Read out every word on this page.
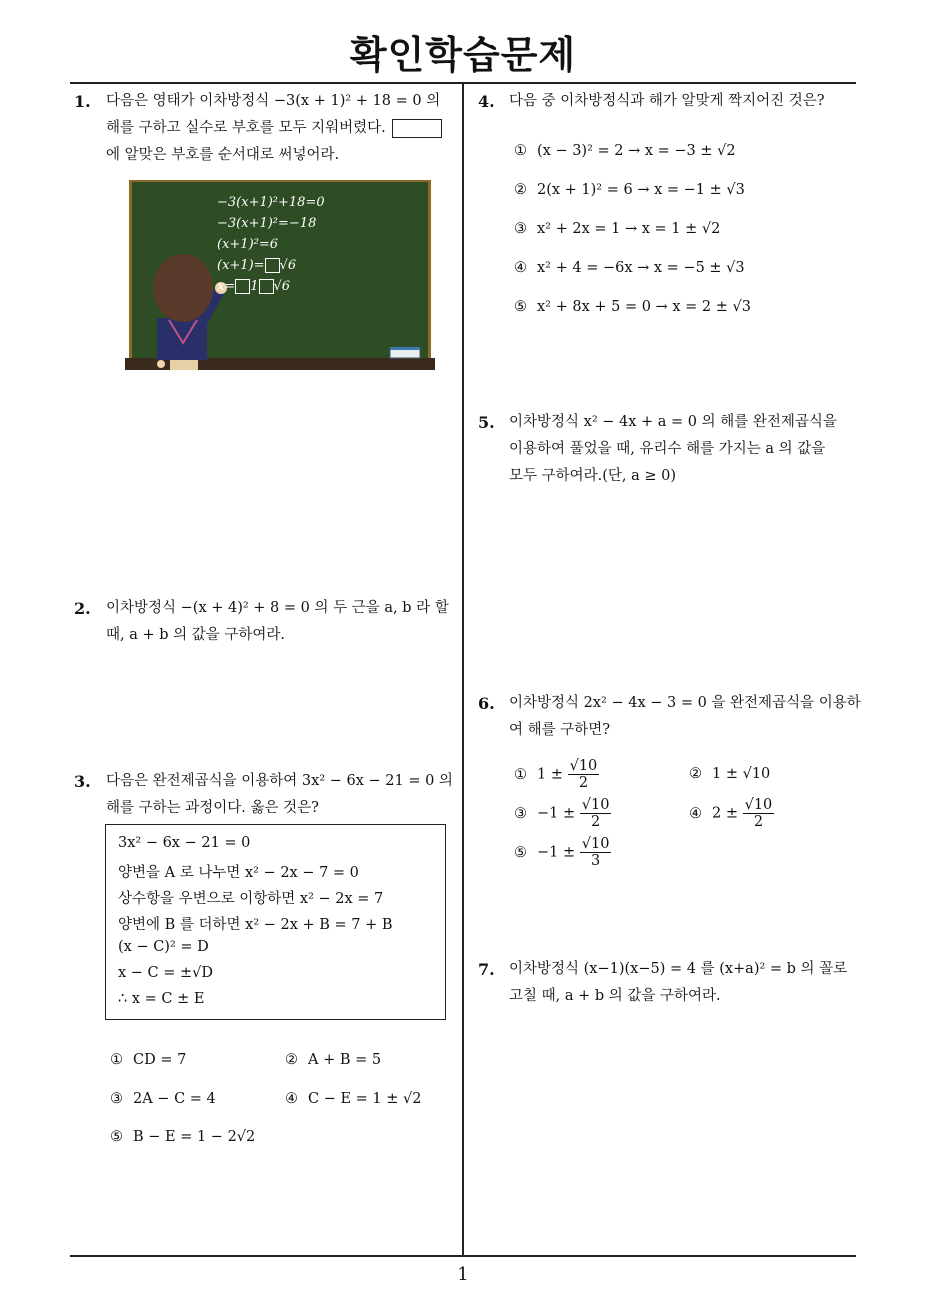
확인학습문제
1
1. 다음은 영태가 이차방정식 −3(x + 1)² + 18 = 0 의
해를 구하고 실수로 부호를 모두 지워버렸다.
에 알맞은 부호를 순서대로 써넣어라.
−3(x+1)²+18=0
−3(x+1)²=−18
(x+1)²=6
(x+1)= √6
x= 1 √6
2. 이차방정식 −(x + 4)² + 8 = 0 의 두 근을 a, b 라 할
때, a + b 의 값을 구하여라.
3. 다음은 완전제곱식을 이용하여 3x² − 6x − 21 = 0 의
해를 구하는 과정이다. 옳은 것은?
3x² − 6x − 21 = 0
양변을 A 로 나누면 x² − 2x − 7 = 0
상수항을 우변으로 이항하면 x² − 2x = 7
양변에 B 를 더하면 x² − 2x + B = 7 + B
(x − C)² = D
x − C = ±√D
∴ x = C ± E
① CD = 7	② A + B = 5
③ 2A − C = 4	④ C − E = 1 ± √2
⑤ B − E = 1 − 2√2
4. 다음 중 이차방정식과 해가 알맞게 짝지어진 것은?
① (x − 3)² = 2 → x = −3 ± √2
② 2(x + 1)² = 6 → x = −1 ± √3
③ x² + 2x = 1 → x = 1 ± √2
④ x² + 4 = −6x → x = −5 ± √3
⑤ x² + 8x + 5 = 0 → x = 2 ± √3
5. 이차방정식 x² − 4x + a = 0 의 해를 완전제곱식을
이용하여 풀었을 때, 유리수 해를 가지는 a 의 값을
모두 구하여라.(단, a ≥ 0)
6. 이차방정식 2x² − 4x − 3 = 0 을 완전제곱식을 이용하
여 해를 구하면?
① $1 \pm \frac{√10}{2}$	② 1 ± √10
③ $-1 \pm \frac{√10}{2}$	④ $2 \pm \frac{√10}{2}$
⑤ $-1 \pm \frac{√10}{3}$
7. 이차방정식 (x−1)(x−5) = 4 를 (x+a)² = b 의 꼴로
고칠 때, a + b 의 값을 구하여라.
